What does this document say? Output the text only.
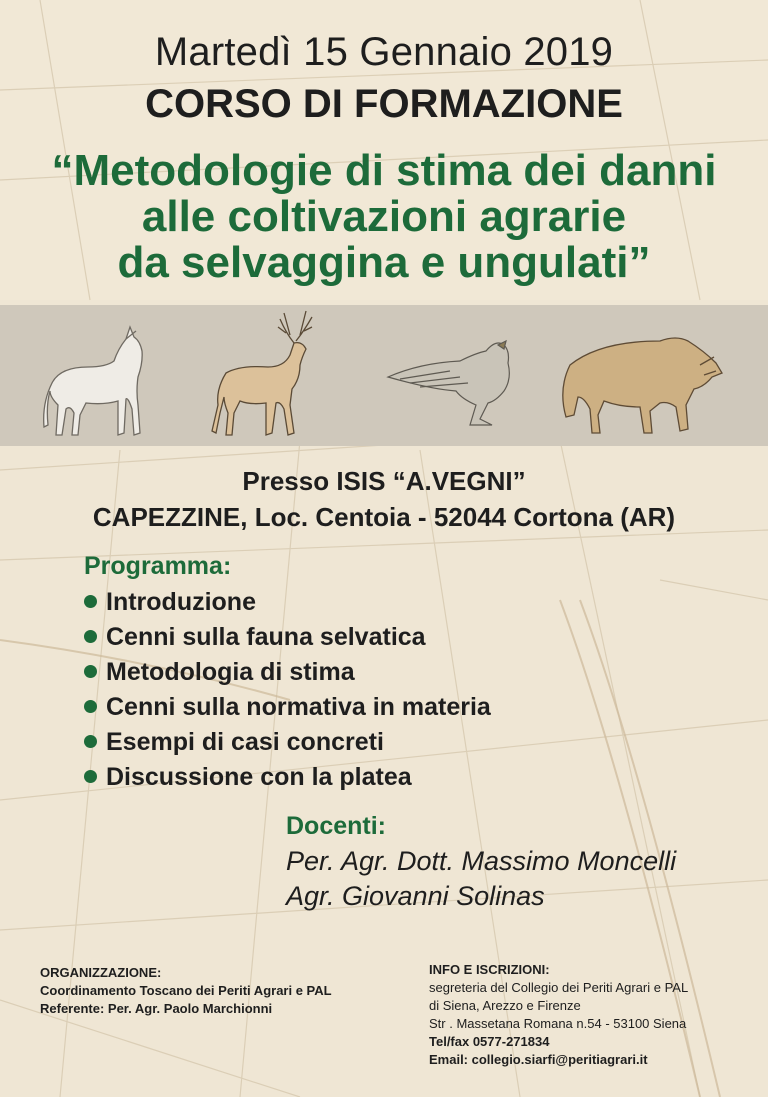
Martedì 15 Gennaio 2019
CORSO DI FORMAZIONE
“Metodologie di stima dei danni
alle coltivazioni agrarie
da selvaggina e ungulati”
Presso ISIS “A.VEGNI”
CAPEZZINE, Loc. Centoia - 52044 Cortona (AR)
Programma:
Introduzione
Cenni sulla fauna selvatica
Metodologia di stima
Cenni sulla normativa in materia
Esempi di casi concreti
Discussione con la platea
Docenti:
Per. Agr. Dott. Massimo Moncelli
Agr. Giovanni Solinas
ORGANIZZAZIONE:
Coordinamento Toscano dei Periti Agrari e PAL
Referente: Per. Agr. Paolo Marchionni
INFO E ISCRIZIONI:
segreteria del Collegio dei Periti Agrari e PAL
di Siena, Arezzo e Firenze
Str . Massetana Romana n.54 - 53100 Siena
Tel/fax 0577-271834
Email: collegio.siarfi@peritiagrari.it
